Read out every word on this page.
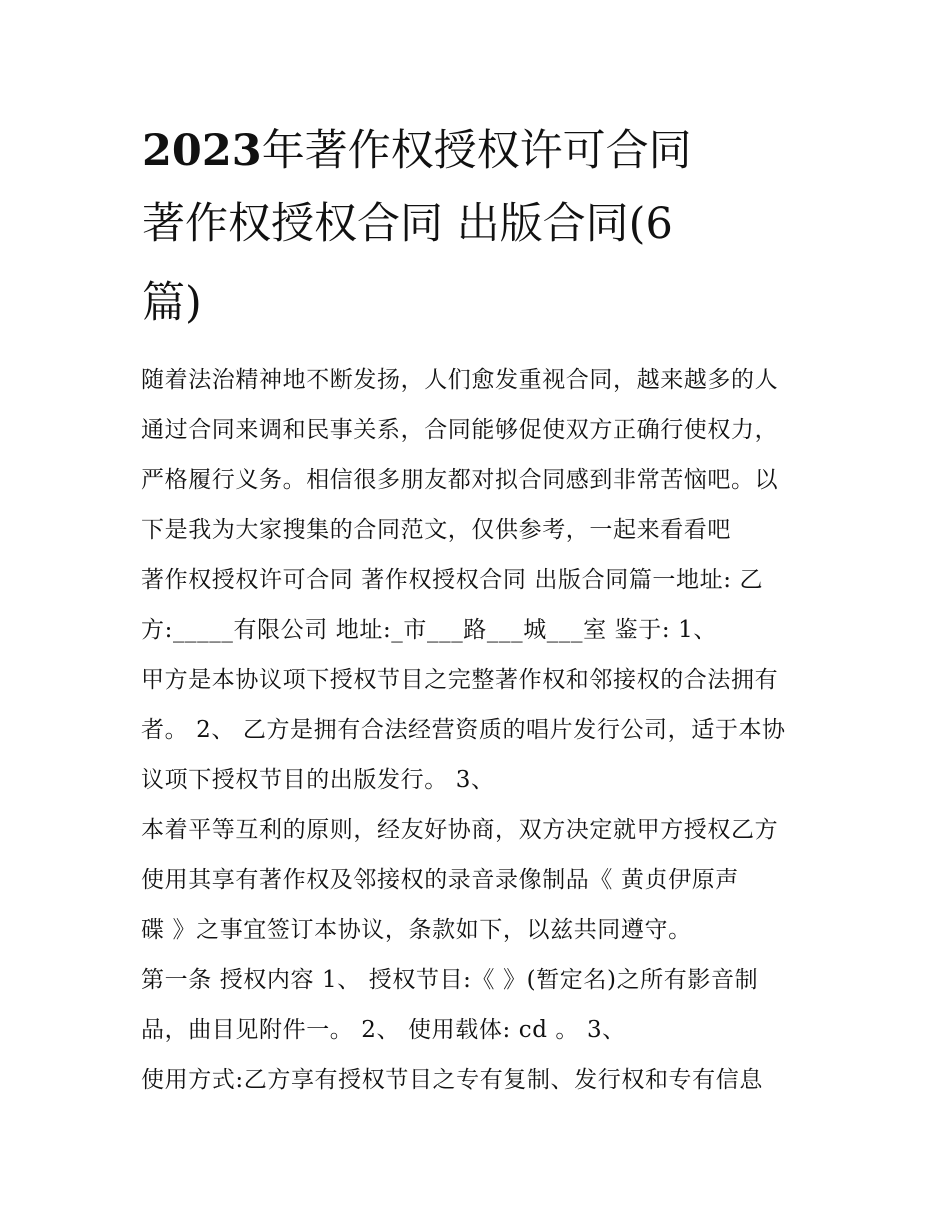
2023年著作权授权许可合同
著作权授权合同 出版合同(6
篇)
随着法治精神地不断发扬，人们愈发重视合同，越来越多的人
通过合同来调和民事关系，合同能够促使双方正确行使权力，
严格履行义务。相信很多朋友都对拟合同感到非常苦恼吧。以
下是我为大家搜集的合同范文，仅供参考，一起来看看吧
著作权授权许可合同 著作权授权合同 出版合同篇一地址: 乙
方:_____有限公司 地址:_市___路___城___室 鉴于: 1、
甲方是本协议项下授权节目之完整著作权和邻接权的合法拥有
者。 2、 乙方是拥有合法经营资质的唱片发行公司，适于本协
议项下授权节目的出版发行。 3、
本着平等互利的原则，经友好协商，双方决定就甲方授权乙方
使用其享有著作权及邻接权的录音录像制品《 黄贞伊原声
碟 》之事宜签订本协议，条款如下，以兹共同遵守。
第一条 授权内容 1、 授权节目:《 》(暂定名)之所有影音制
品，曲目见附件一。 2、 使用载体: cd 。 3、
使用方式:乙方享有授权节目之专有复制、发行权和专有信息
